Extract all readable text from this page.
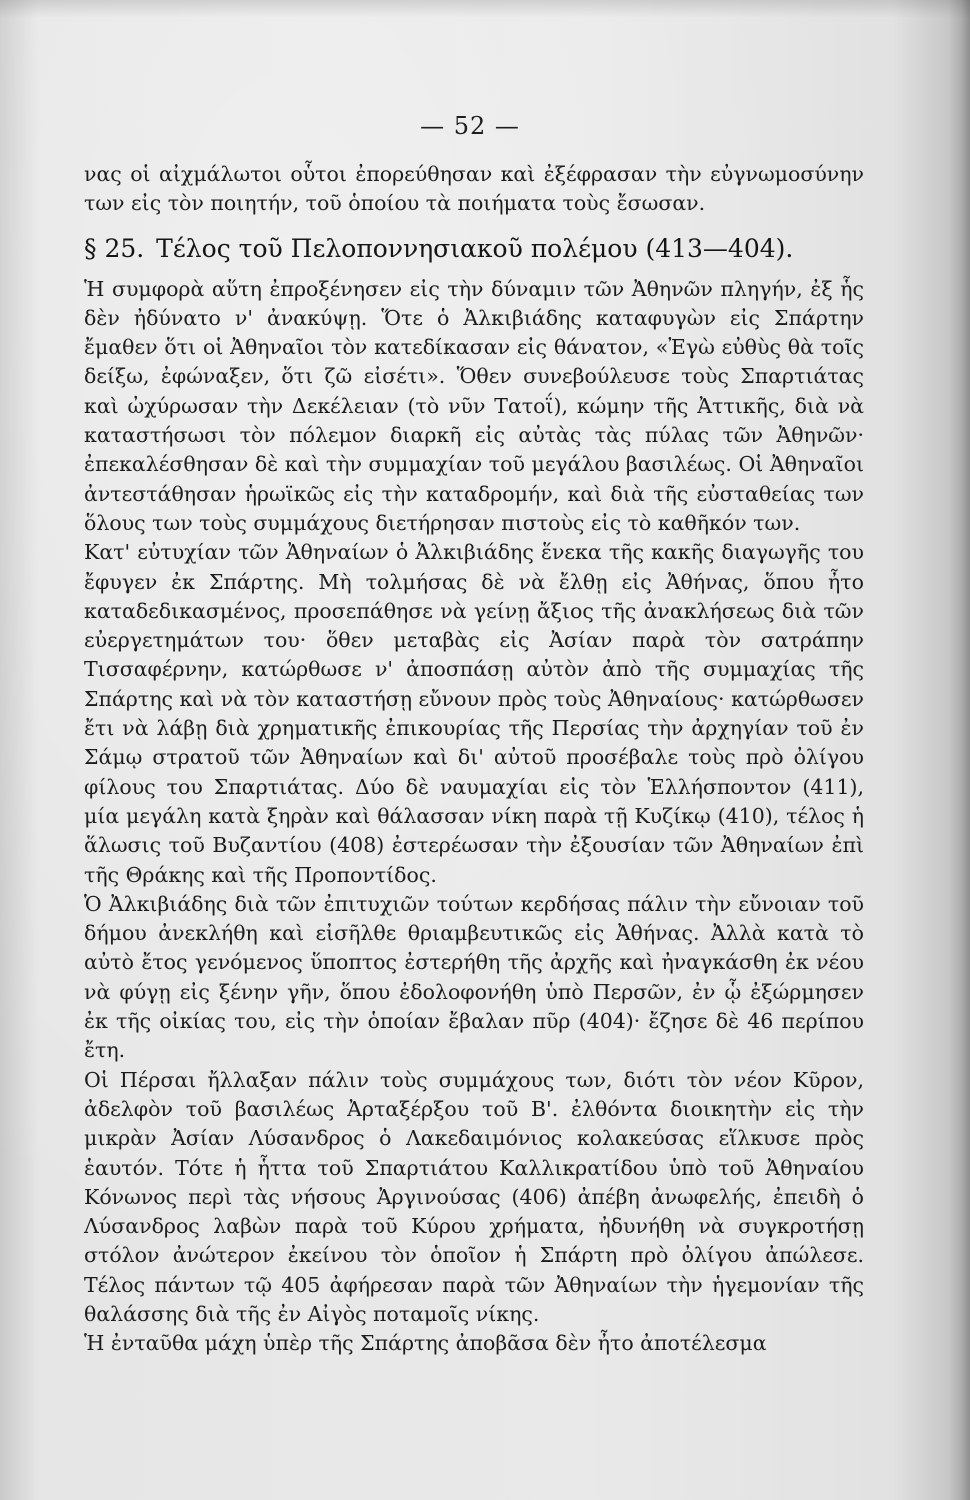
— 52 —

νας οἱ αἰχμάλωτοι οὗτοι ἐπορεύθησαν καὶ ἐξέφρασαν τὴν εὐγνωμοσύνην των εἰς τὸν ποιητήν, τοῦ ὁποίου τὰ ποιήματα τοὺς ἔσωσαν.

§ 25. Τέλος τοῦ Πελοποννησιακοῦ πολέμου (413—404).

Ἡ συμφορὰ αὕτη ἐπροξένησεν εἰς τὴν δύναμιν τῶν Ἀθηνῶν πληγήν, ἐξ ἧς δὲν ἠδύνατο ν' ἀνακύψῃ. Ὅτε ὁ Ἀλκιβιάδης καταφυγὼν εἰς Σπάρτην ἔμαθεν ὅτι οἱ Ἀθηναῖοι τὸν κατεδίκασαν εἰς θάνατον, «Ἐγὼ εὐθὺς θὰ τοῖς δείξω, ἐφώναξεν, ὅτι ζῶ εἰσέτι». Ὅθεν συνεβούλευσε τοὺς Σπαρτιάτας καὶ ὠχύρωσαν τὴν Δεκέλειαν (τὸ νῦν Τατοΐ), κώμην τῆς Ἀττικῆς, διὰ νὰ καταστήσωσι τὸν πόλεμον διαρκῆ εἰς αὐτὰς τὰς πύλας τῶν Ἀθηνῶν· ἐπεκαλέσθησαν δὲ καὶ τὴν συμμαχίαν τοῦ μεγάλου βασιλέως. Οἱ Ἀθηναῖοι ἀντεστάθησαν ἡρωϊκῶς εἰς τὴν καταδρομήν, καὶ διὰ τῆς εὐσταθείας των ὅλους των τοὺς συμμάχους διετήρησαν πιστοὺς εἰς τὸ καθῆκόν των.

Κατ' εὐτυχίαν τῶν Ἀθηναίων ὁ Ἀλκιβιάδης ἕνεκα τῆς κακῆς διαγωγῆς του ἔφυγεν ἐκ Σπάρτης. Μὴ τολμήσας δὲ νὰ ἔλθῃ εἰς Ἀθήνας, ὅπου ἦτο καταδεδικασμένος, προσεπάθησε νὰ γείνῃ ἄξιος τῆς ἀνακλήσεως διὰ τῶν εὐεργετημάτων του· ὅθεν μεταβὰς εἰς Ἀσίαν παρὰ τὸν σατράπην Τισσαφέρνην, κατώρθωσε ν' ἀποσπάσῃ αὐτὸν ἀπὸ τῆς συμμαχίας τῆς Σπάρτης καὶ νὰ τὸν καταστήσῃ εὔνουν πρὸς τοὺς Ἀθηναίους· κατώρθωσεν ἔτι νὰ λάβῃ διὰ χρηματικῆς ἐπικουρίας τῆς Περσίας τὴν ἀρχηγίαν τοῦ ἐν Σάμῳ στρατοῦ τῶν Ἀθηναίων καὶ δι' αὐτοῦ προσέβαλε τοὺς πρὸ ὀλίγου φίλους του Σπαρτιάτας. Δύο δὲ ναυμαχίαι εἰς τὸν Ἑλλήσποντον (411), μία μεγάλη κατὰ ξηρὰν καὶ θάλασσαν νίκη παρὰ τῇ Κυζίκῳ (410), τέλος ἡ ἅλωσις τοῦ Βυζαντίου (408) ἐστερέωσαν τὴν ἐξουσίαν τῶν Ἀθηναίων ἐπὶ τῆς Θράκης καὶ τῆς Προποντίδος.

Ὁ Ἀλκιβιάδης διὰ τῶν ἐπιτυχιῶν τούτων κερδήσας πάλιν τὴν εὔνοιαν τοῦ δήμου ἀνεκλήθη καὶ εἰσῆλθε θριαμβευτικῶς εἰς Ἀθήνας. Ἀλλὰ κατὰ τὸ αὐτὸ ἔτος γενόμενος ὕποπτος ἐστερήθη τῆς ἀρχῆς καὶ ἠναγκάσθη ἐκ νέου νὰ φύγῃ εἰς ξένην γῆν, ὅπου ἐδολοφονήθη ὑπὸ Περσῶν, ἐν ᾧ ἐξώρμησεν ἐκ τῆς οἰκίας του, εἰς τὴν ὁποίαν ἔβαλαν πῦρ (404)· ἔζησε δὲ 46 περίπου ἔτη.

Οἱ Πέρσαι ἤλλαξαν πάλιν τοὺς συμμάχους των, διότι τὸν νέον Κῦρον, ἀδελφὸν τοῦ βασιλέως Ἀρταξέρξου τοῦ Β'. ἐλθόντα διοικητὴν εἰς τὴν μικρὰν Ἀσίαν Λύσανδρος ὁ Λακεδαιμόνιος κολακεύσας εἵλκυσε πρὸς ἑαυτόν. Τότε ἡ ἧττα τοῦ Σπαρτιάτου Καλλικρατίδου ὑπὸ τοῦ Ἀθηναίου Κόνωνος περὶ τὰς νήσους Ἀργινούσας (406) ἀπέβη ἀνωφελής, ἐπειδὴ ὁ Λύσανδρος λαβὼν παρὰ τοῦ Κύρου χρήματα, ἠδυνήθη νὰ συγκροτήσῃ στόλον ἀνώτερον ἐκείνου τὸν ὁποῖον ἡ Σπάρτη πρὸ ὀλίγου ἀπώλεσε. Τέλος πάντων τῷ 405 ἀφήρεσαν παρὰ τῶν Ἀθηναίων τὴν ἡγεμονίαν τῆς θαλάσσης διὰ τῆς ἐν Αἰγὸς ποταμοῖς νίκης.

Ἡ ἐνταῦθα μάχη ὑπὲρ τῆς Σπάρτης ἀποβᾶσα δὲν ἦτο ἀποτέλεσμα
